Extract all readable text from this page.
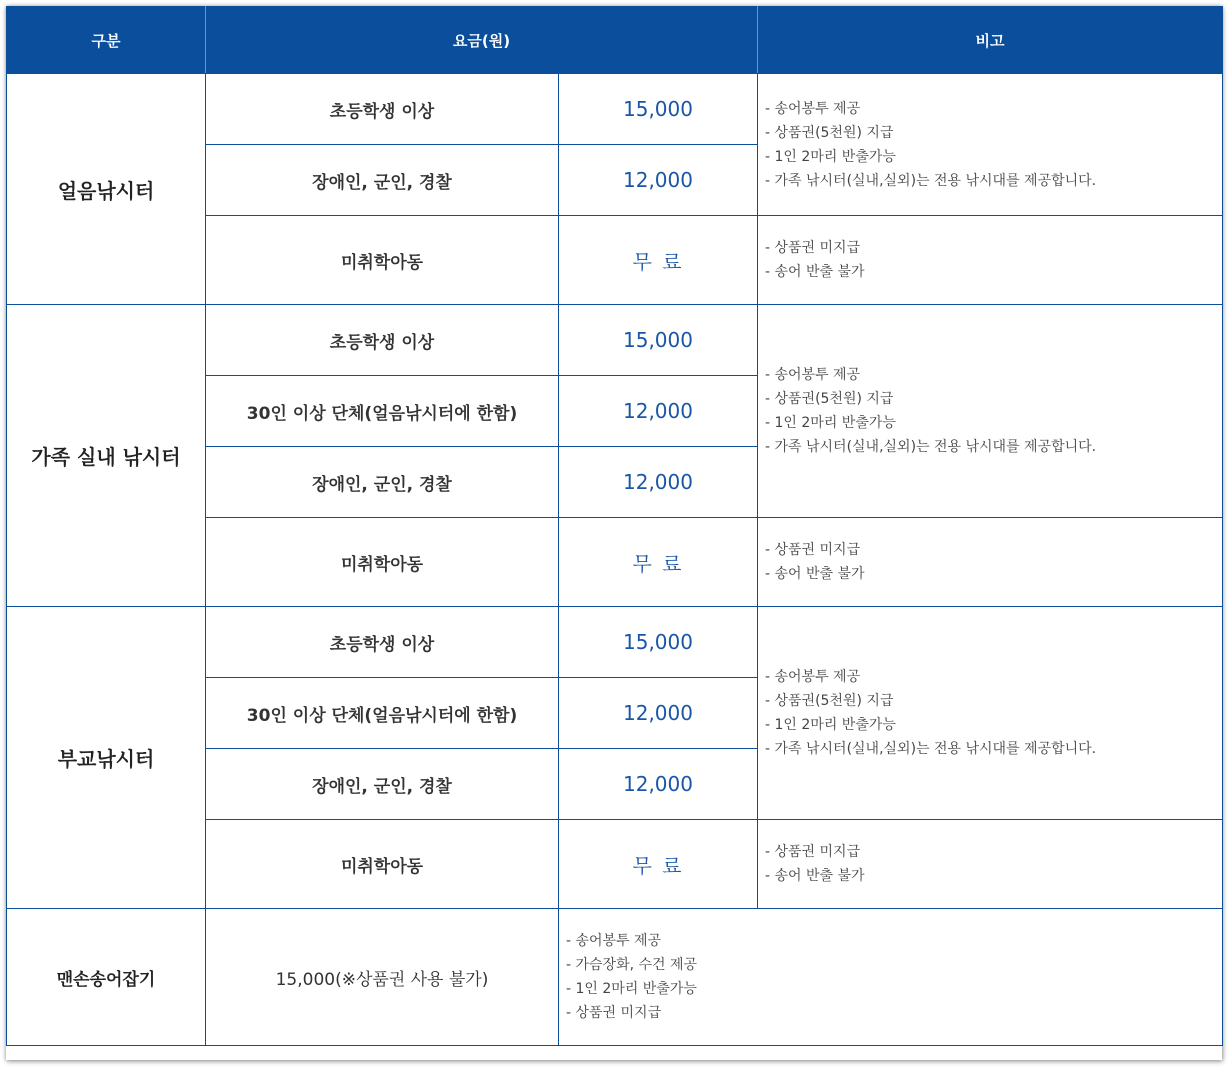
구분	요금(원)		비고
얼음낚시터	초등학생 이상	15,000	- 송어봉투 제공
- 상품권(5천원) 지급
- 1인 2마리 반출가능
- 가족 낚시터(실내,실외)는 전용 낚시대를 제공합니다.

	장애인, 군인, 경찰	12,000	
	미취학아동	무 료	- 상품권 미지급
- 송어 반출 불가

가족 실내 낚시터	초등학생 이상	15,000	- 송어봉투 제공
- 상품권(5천원) 지급
- 1인 2마리 반출가능
- 가족 낚시터(실내,실외)는 전용 낚시대를 제공합니다.

	30인 이상 단체(얼음낚시터에 한함)	12,000	
	장애인, 군인, 경찰	12,000	
	미취학아동	무 료	- 상품권 미지급
- 송어 반출 불가

부교낚시터	초등학생 이상	15,000	- 송어봉투 제공
- 상품권(5천원) 지급
- 1인 2마리 반출가능
- 가족 낚시터(실내,실외)는 전용 낚시대를 제공합니다.

	30인 이상 단체(얼음낚시터에 한함)	12,000	
	장애인, 군인, 경찰	12,000	
	미취학아동	무 료	- 상품권 미지급
- 송어 반출 불가

맨손송어잡기	15,000(※상품권 사용 불가)	- 송어봉투 제공
- 가슴장화, 수건 제공
- 1인 2마리 반출가능
- 상품권 미지급	
